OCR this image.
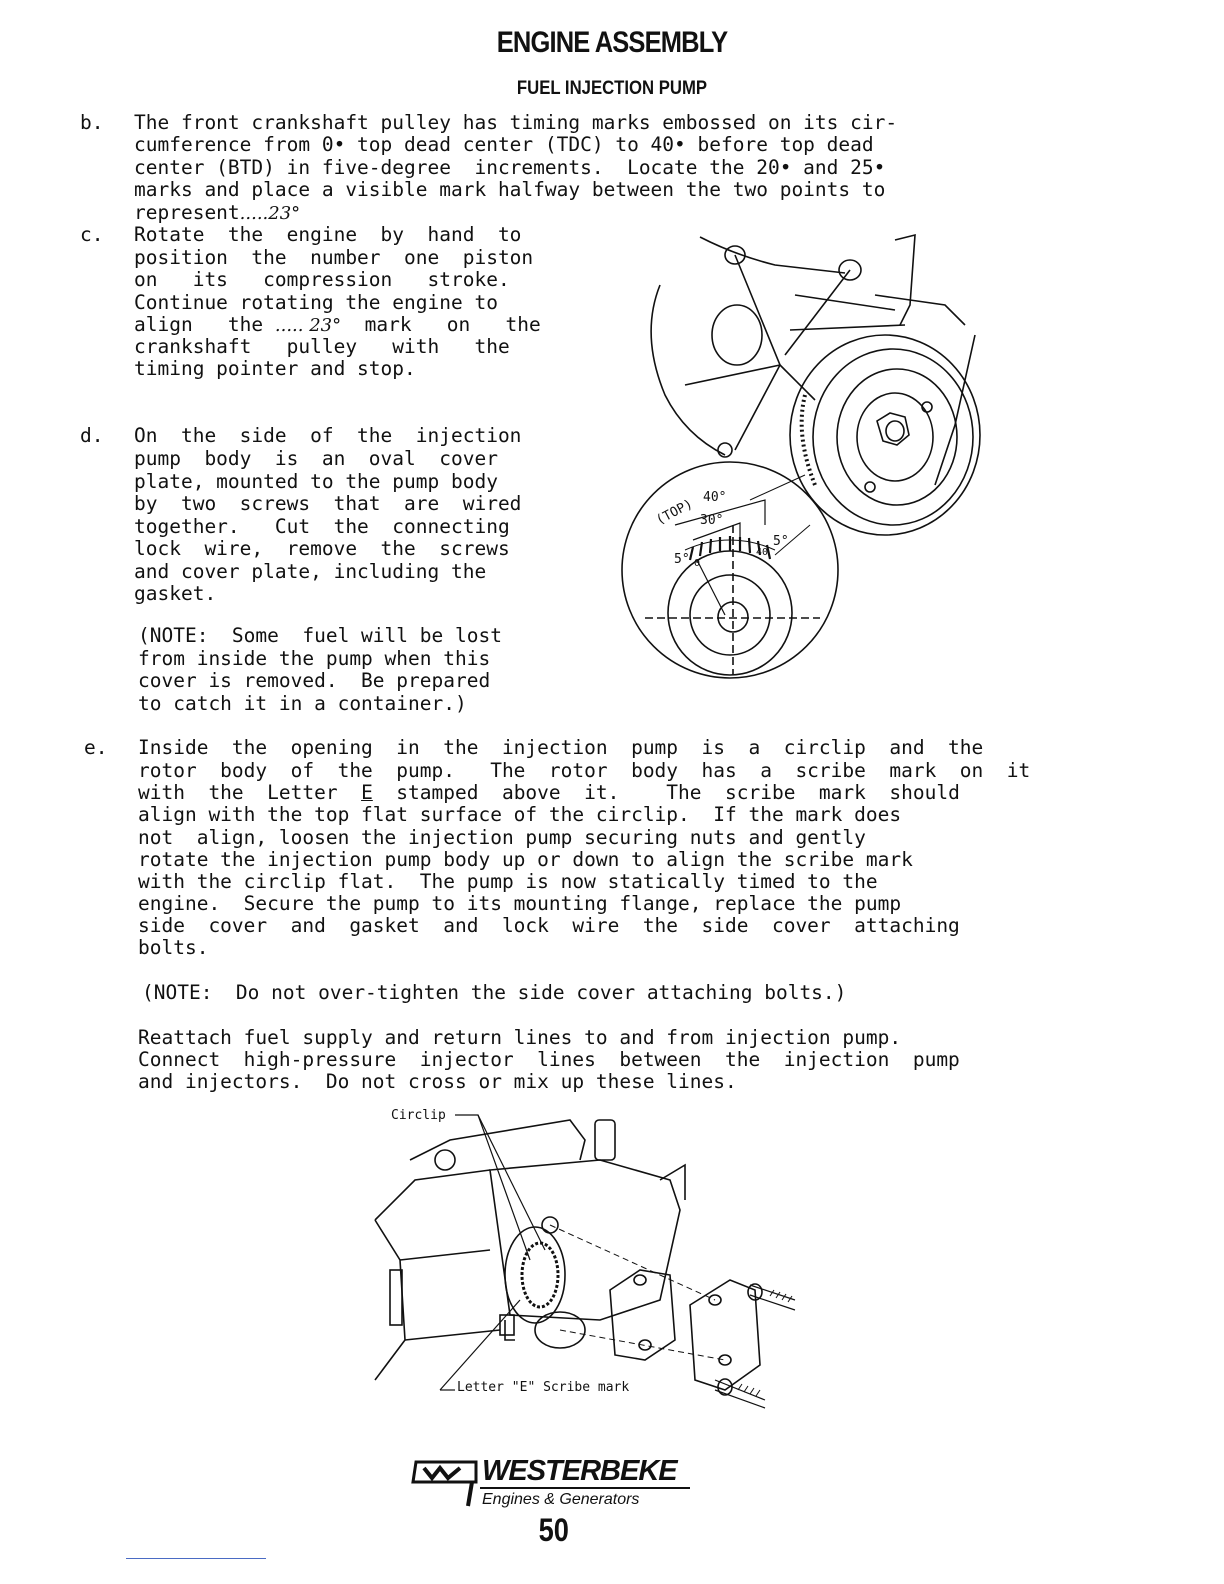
ENGINE ASSEMBLY
FUEL INJECTION PUMP
b. The front crankshaft pulley has timing marks embossed on its cir-
cumference from 0• top dead center (TDC) to 40• before top dead
center (BTD) in five-degree  increments.  Locate the 20• and 25•
marks and place a visible mark halfway between the two points to
represent.....23°
c. Rotate  the  engine  by  hand  to
position  the  number  one  piston
on   its   compression   stroke.
Continue rotating the engine to
align   the ..... 23°  mark   on   the
crankshaft   pulley   with   the
timing pointer and stop.
d. On  the  side  of  the  injection
pump  body  is  an  oval  cover
plate, mounted to the pump body
by  two  screws  that  are  wired
together.   Cut  the  connecting
lock  wire,  remove  the  screws
and cover plate, including the
gasket.
(NOTE:  Some  fuel will be lost
from inside the pump when this
cover is removed.  Be prepared
to catch it in a container.)
(TOP) 40°
30°
5°
5° 0
40
e. Inside  the  opening  in  the  injection  pump  is  a  circlip  and  the
rotor  body  of  the  pump.   The  rotor  body  has  a  scribe  mark  on  it
with  the  Letter  E  stamped  above  it.    The  scribe  mark  should
align with the top flat surface of the circlip.  If the mark does
not  align, loosen the injection pump securing nuts and gently
rotate the injection pump body up or down to align the scribe mark
with the circlip flat.  The pump is now statically timed to the
engine.  Secure the pump to its mounting flange, replace the pump
side  cover  and  gasket  and  lock  wire  the  side  cover  attaching
bolts.
(NOTE:  Do not over-tighten the side cover attaching bolts.)
Reattach fuel supply and return lines to and from injection pump.
Connect  high-pressure  injector  lines  between  the  injection  pump
and injectors.  Do not cross or mix up these lines.
Circlip
Letter "E" Scribe mark
WESTERBEKE
Engines & Generators
50
